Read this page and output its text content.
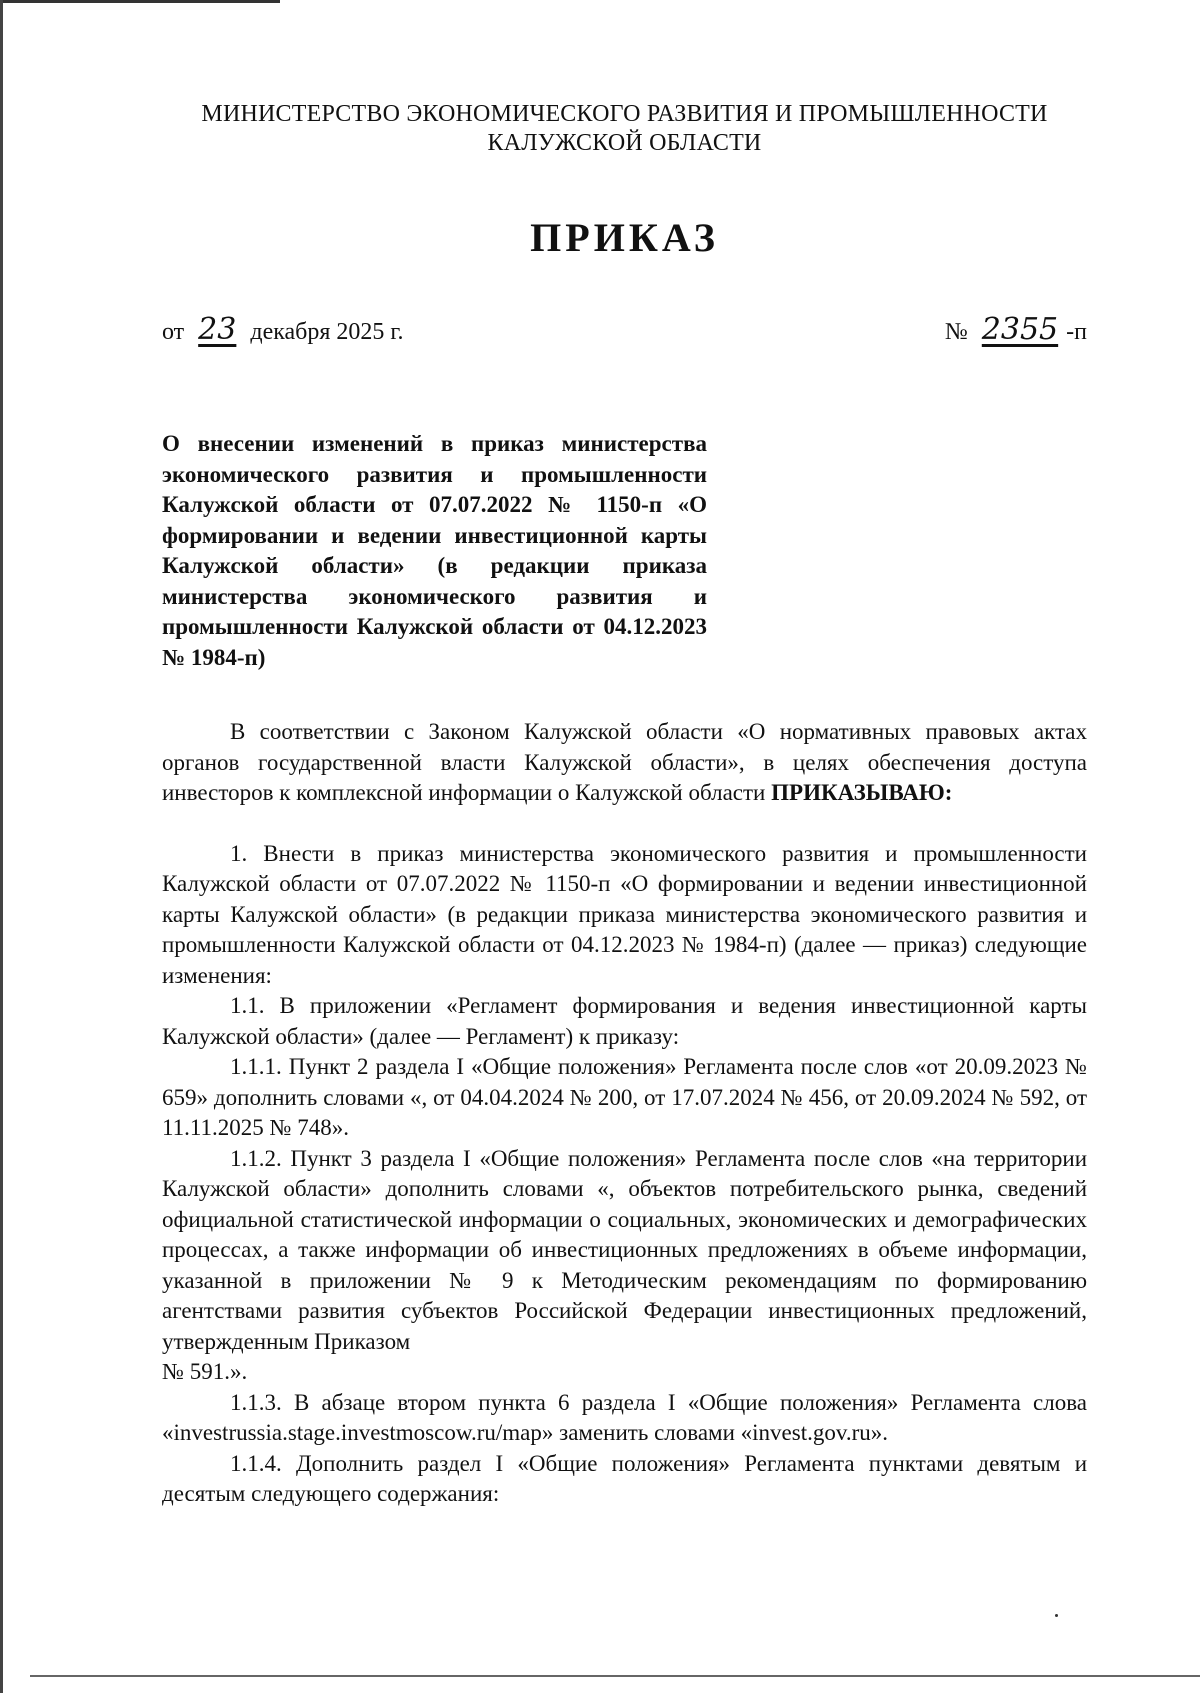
МИНИСТЕРСТВО ЭКОНОМИЧЕСКОГО РАЗВИТИЯ И ПРОМЫШЛЕННОСТИ
КАЛУЖСКОЙ ОБЛАСТИ
ПРИКАЗ
от 23 декабря 2025 г.	№ 2355 -п
О внесении изменений в приказ министерства экономического развития и промышленности Калужской области от 07.07.2022 № 1150-п «О формировании и ведении инвестиционной карты Калужской области» (в редакции приказа министерства экономического развития и промышленности Калужской области от 04.12.2023 № 1984-п)

В соответствии с Законом Калужской области «О нормативных правовых актах органов государственной власти Калужской области», в целях обеспечения доступа инвесторов к комплексной информации о Калужской области ПРИКАЗЫВАЮ:

1. Внести в приказ министерства экономического развития и промышленности Калужской области от 07.07.2022 № 1150-п «О формировании и ведении инвестиционной карты Калужской области» (в редакции приказа министерства экономического развития и промышленности Калужской области от 04.12.2023 № 1984-п) (далее — приказ) следующие изменения:

1.1. В приложении «Регламент формирования и ведения инвестиционной карты Калужской области» (далее — Регламент) к приказу:

1.1.1. Пункт 2 раздела I «Общие положения» Регламента после слов «от 20.09.2023 № 659» дополнить словами «, от 04.04.2024 № 200, от 17.07.2024 № 456, от 20.09.2024 № 592, от 11.11.2025 № 748».

1.1.2. Пункт 3 раздела I «Общие положения» Регламента после слов «на территории Калужской области» дополнить словами «, объектов потребительского рынка, сведений официальной статистической информации о социальных, экономических и демографических процессах, а также информации об инвестиционных предложениях в объеме информации, указанной в приложении № 9 к Методическим рекомендациям по формированию агентствами развития субъектов Российской Федерации инвестиционных предложений, утвержденным Приказом

№ 591.».

1.1.3. В абзаце втором пункта 6 раздела I «Общие положения» Регламента слова «investrussia.stage.investmoscow.ru/map» заменить словами «invest.gov.ru».

1.1.4. Дополнить раздел I «Общие положения» Регламента пунктами девятым и десятым следующего содержания:
